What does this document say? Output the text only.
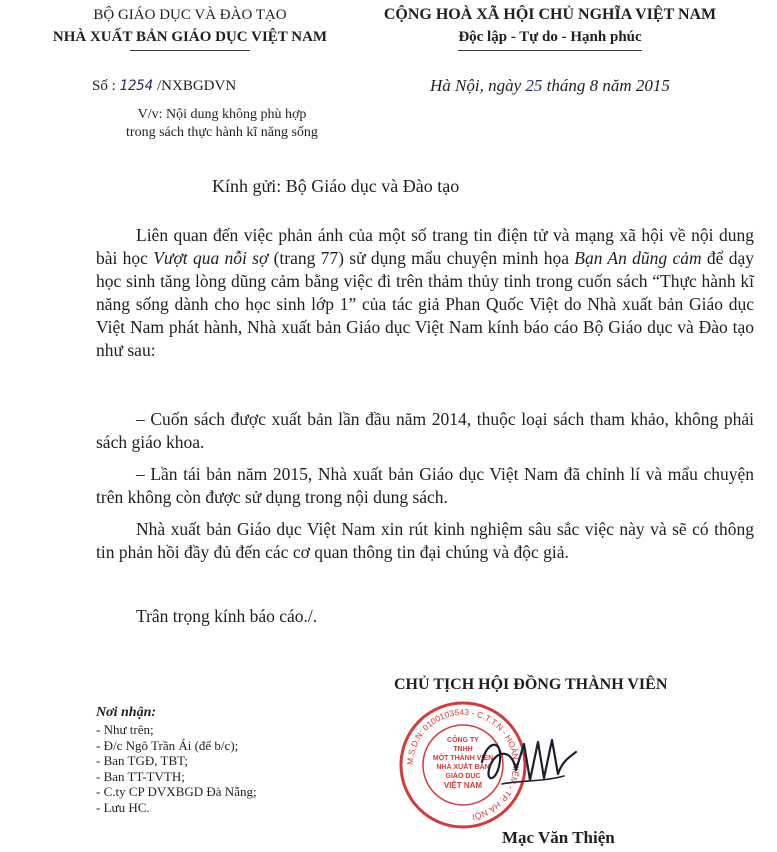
BỘ GIÁO DỤC VÀ ĐÀO TẠO
NHÀ XUẤT BẢN GIÁO DỤC VIỆT NAM
CỘNG HOÀ XÃ HỘI CHỦ NGHĨA VIỆT NAM
Độc lập - Tự do - Hạnh phúc
Số : 1254 /NXBGDVN
V/v: Nội dung không phù hợp
trong sách thực hành kĩ năng sống
Hà Nội, ngày 25 tháng 8 năm 2015
Kính gửi: Bộ Giáo dục và Đào tạo
Liên quan đến việc phản ánh của một số trang tin điện tử và mạng xã hội về nội dung bài học Vượt qua nỗi sợ (trang 77) sử dụng mẩu chuyện minh họa Bạn An dũng cảm để dạy học sinh tăng lòng dũng cảm bằng việc đi trên thảm thủy tinh trong cuốn sách “Thực hành kĩ năng sống dành cho học sinh lớp 1” của tác giả Phan Quốc Việt do Nhà xuất bản Giáo dục Việt Nam phát hành, Nhà xuất bản Giáo dục Việt Nam kính báo cáo Bộ Giáo dục và Đào tạo như sau:
– Cuốn sách được xuất bản lần đầu năm 2014, thuộc loại sách tham khảo, không phải sách giáo khoa.
– Lần tái bản năm 2015, Nhà xuất bản Giáo dục Việt Nam đã chỉnh lí và mẩu chuyện trên không còn được sử dụng trong nội dung sách.
Nhà xuất bản Giáo dục Việt Nam xin rút kinh nghiệm sâu sắc việc này và sẽ có thông tin phản hồi đầy đủ đến các cơ quan thông tin đại chúng và độc giả.
Trân trọng kính báo cáo./.
Nơi nhận:
- Như trên;
- Đ/c Ngô Trần Ái (để b/c);
- Ban TGĐ, TBT;
- Ban TT-TVTH;
- C.ty CP DVXBGD Đà Nẵng;
- Lưu HC.
CHỦ TỊCH HỘI ĐỒNG THÀNH VIÊN
M.S.D.N: 0100103543 - C.T.T.N - HOÀN KIẾM - TP. HÀ NỘI
CÔNG TY
TNHH
MỘT THÀNH VIÊN
NHÀ XUẤT BẢN
GIÁO DỤC
VIỆT NAM
Mạc Văn Thiện
